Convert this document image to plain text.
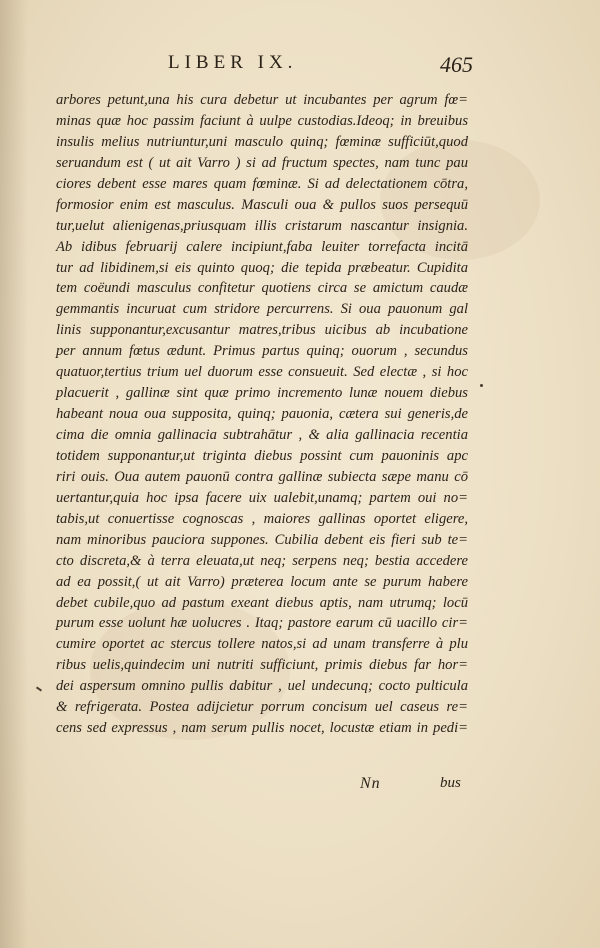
LIBER IX.	465
arbores petunt,una his cura debetur ut incubantes per agrum fœ=
minas quæ hoc passim faciunt à uulpe custodias.Ideoq; in breuibus
insulis melius nutriuntur,uni masculo quinq; fœminæ sufficiūt,quod
seruandum est ( ut ait Varro ) si ad fructum spectes, nam tunc pau
ciores debent esse mares quam fœminæ. Si ad delectationem cōtra,
formosior enim est masculus. Masculi oua & pullos suos persequū
tur,uelut alienigenas,priusquam illis cristarum nascantur insignia.
Ab idibus februarij calere incipiunt,faba leuiter torrefacta incitā
tur ad libidinem,si eis quinto quoq; die tepida præbeatur. Cupidita
tem coëundi masculus confitetur quotiens circa se amictum caudæ
gemmantis incuruat cum stridore percurrens. Si oua pauonum gal
linis supponantur,excusantur matres,tribus uicibus ab incubatione
per annum fœtus ædunt. Primus partus quinq; ouorum , secundus
quatuor,tertius trium uel duorum esse consueuit. Sed electæ , si hoc
placuerit , gallinæ sint quæ primo incremento lunæ nouem diebus
habeant noua oua supposita, quinq; pauonia, cætera sui generis,de
cima die omnia gallinacia subtrahātur , & alia gallinacia recentia
totidem supponantur,ut triginta diebus possint cum pauoninis apc
riri ouis. Oua autem pauonū contra gallinæ subiecta sæpe manu cō
uertantur,quia hoc ipsa facere uix ualebit,unamq; partem oui no=
tabis,ut conuertisse cognoscas , maiores gallinas oportet eligere,
nam minoribus pauciora suppones. Cubilia debent eis fieri sub te=
cto discreta,& à terra eleuata,ut neq; serpens neq; bestia accedere
ad ea possit,( ut ait Varro) præterea locum ante se purum habere
debet cubile,quo ad pastum exeant diebus aptis, nam utrumq; locū
purum esse uolunt hæ uolucres . Itaq; pastore earum cū uacillo cir=
cumire oportet ac stercus tollere natos,si ad unam transferre à plu
ribus uelis,quindecim uni nutriti sufficiunt, primis diebus far hor=
dei aspersum omnino pullis dabitur , uel undecunq; cocto pulticula
& refrigerata. Postea adijcietur porrum concisum uel caseus re=
cens sed expressus , nam serum pullis nocet, locustæ etiam in pedi=
Nn	bus
